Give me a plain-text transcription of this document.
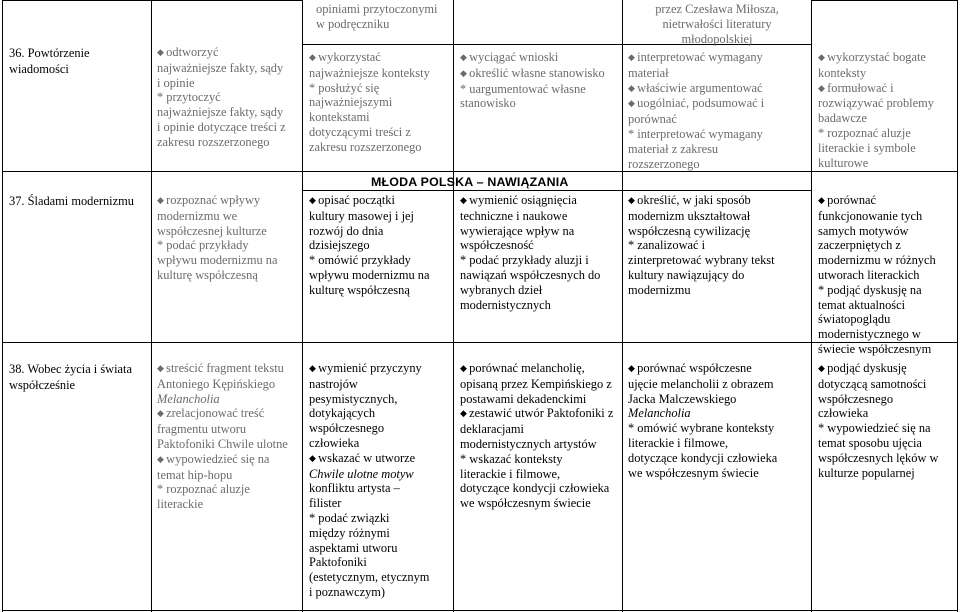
MŁODA POLSKA – NAWIĄZANIA
36. Powtórzenie wiadomości
37. Śladami modernizmu
38. Wobec życia i świata współcześnie
◆ odtworzyć
najważniejsze fakty, sądy
i opinie
* przytoczyć
najważniejsze fakty, sądy
i opinie dotyczące treści z
zakresu rozszerzonego
◆ rozpoznać wpływy
modernizmu we
współczesnej kulturze
* podać przykłady
wpływu modernizmu na
kulturę współczesną
◆ streścić fragment tekstu
Antoniego Kępińskiego
Melancholia
◆ zrelacjonować treść
fragmentu utworu
Paktofoniki Chwile ulotne
◆ wypowiedzieć się na
temat hip-hopu
* rozpoznać aluzje
literackie
opiniami przytoczonymi
w podręczniku
◆ wykorzystać
najważniejsze konteksty
* posłużyć się
najważniejszymi
kontekstami
dotyczącymi treści z
zakresu rozszerzonego
◆ opisać początki
kultury masowej i jej
rozwój do dnia
dzisiejszego
* omówić przykłady
wpływu modernizmu na
kulturę współczesną
◆ wymienić przyczyny
nastrojów
pesymistycznych,
dotykających
współczesnego
człowieka
◆ wskazać w utworze
Chwile ulotne motyw
konfliktu artysta –
filister
* podać związki
między różnymi
aspektami utworu
Paktofoniki
(estetycznym, etycznym
i poznawczym)
◆ wyciągać wnioski
◆ określić własne stanowisko
* uargumentować własne
stanowisko
◆ wymienić osiągnięcia
techniczne i naukowe
wywierające wpływ na
współczesność
* podać przykłady aluzji i
nawiązań współczesnych do
wybranych dzieł
modernistycznych
◆ porównać melancholię,
opisaną przez Kempińskiego z
postawami dekadenckimi
◆ zestawić utwór Paktofoniki z
deklaracjami
modernistycznych artystów
* wskazać konteksty
literackie i filmowe,
dotyczące kondycji człowieka
we współczesnym świecie
przez Czesława Miłosza,
nietrwałości literatury
młodopolskiej
◆ interpretować wymagany
materiał
◆ właściwie argumentować
◆ uogólniać, podsumować i
porównać
* interpretować wymagany
materiał z zakresu
rozszerzonego
◆ określić, w jaki sposób
modernizm ukształtował
współczesną cywilizację
* zanalizować i
zinterpretować wybrany tekst
kultury nawiązujący do
modernizmu
◆ porównać współczesne
ujęcie melancholii z obrazem
Jacka Malczewskiego
Melancholia
* omówić wybrane konteksty
literackie i filmowe,
dotyczące kondycji człowieka
we współczesnym świecie
◆ wykorzystać bogate
konteksty
◆ formułować i
rozwiązywać problemy
badawcze
* rozpoznać aluzje
literackie i symbole
kulturowe
◆ porównać
funkcjonowanie tych
samych motywów
zaczerpniętych z
modernizmu w różnych
utworach literackich
* podjąć dyskusję na
temat aktualności
światopoglądu
modernistycznego w
świecie współczesnym
◆ podjąć dyskusję
dotyczącą samotności
współczesnego
człowieka
* wypowiedzieć się na
temat sposobu ujęcia
współczesnych lęków w
kulturze popularnej
